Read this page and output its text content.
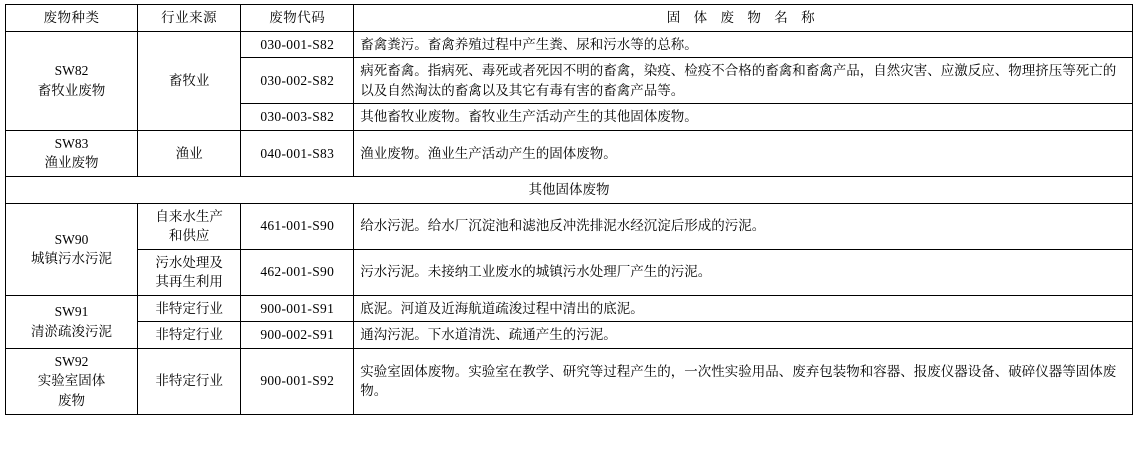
废物种类	行业来源	废物代码	固 体 废 物 名 称

SW82
畜牧业废物	畜牧业	030-001-S82	畜禽粪污。畜禽养殖过程中产生粪、尿和污水等的总称。
		030-002-S82	病死畜禽。指病死、毒死或者死因不明的畜禽，染疫、检疫不合格的畜禽和畜禽产品，自然灾害、应激反应、物理挤压等死亡的以及自然淘汰的畜禽以及其它有毒有害的畜禽产品等。
		030-003-S82	其他畜牧业废物。畜牧业生产活动产生的其他固体废物。

SW83
渔业废物	渔业	040-001-S83	渔业废物。渔业生产活动产生的固体废物。
其他固体废物			

SW90
城镇污水污泥	自来水生产
和供应	461-001-S90	给水污泥。给水厂沉淀池和滤池反冲洗排泥水经沉淀后形成的污泥。

	污水处理及
其再生利用	462-001-S90	污水污泥。未接纳工业废水的城镇污水处理厂产生的污泥。

SW91
清淤疏浚污泥	非特定行业	900-001-S91	底泥。河道及近海航道疏浚过程中清出的底泥。
	非特定行业	900-002-S91	通沟污泥。下水道清洗、疏通产生的污泥。

SW92
实验室固体
废物	非特定行业	900-001-S92	实验室固体废物。实验室在教学、研究等过程产生的，一次性实验用品、废弃包装物和容器、报废仪器设备、破碎仪器等固体废物。
